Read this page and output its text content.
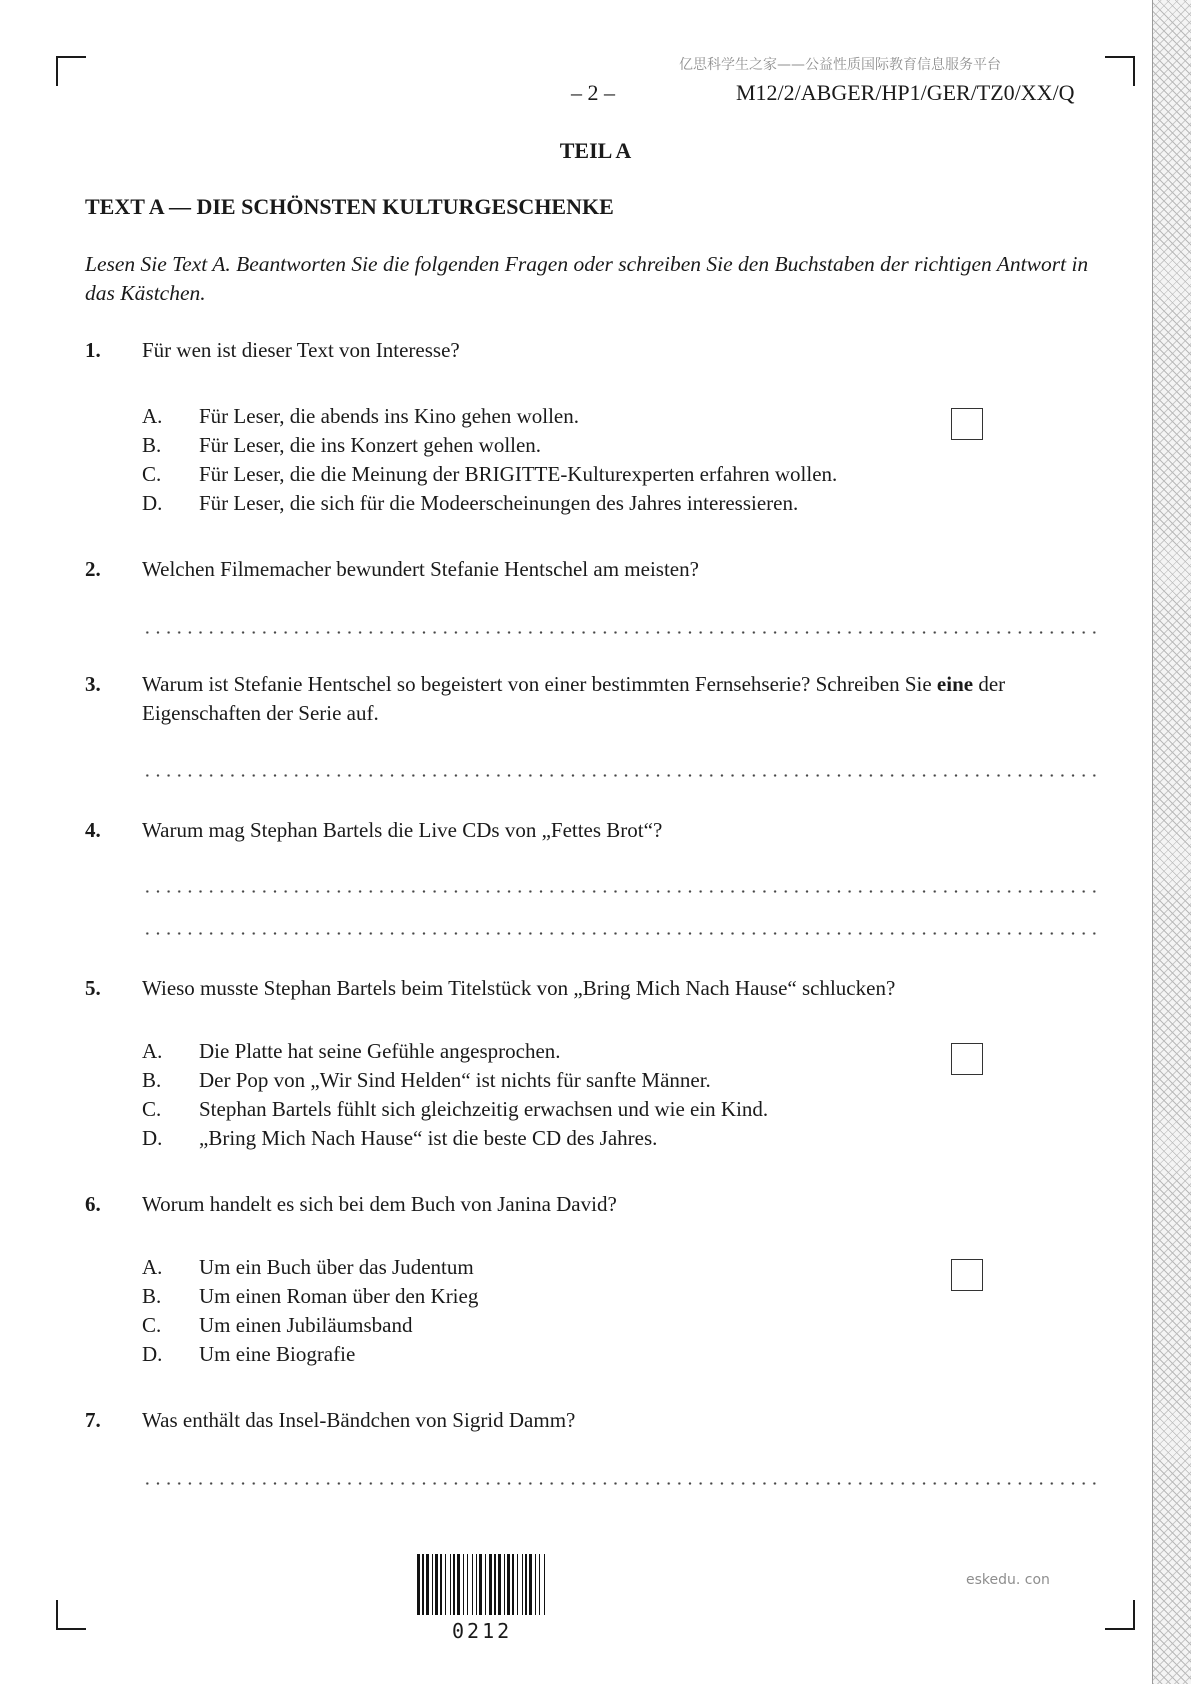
亿思科学生之家——公益性质国际教育信息服务平台
– 2 –	M12/2/ABGER/HP1/GER/TZ0/XX/Q
TEIL A
TEXT A — DIE SCHÖNSTEN KULTURGESCHENKE
Lesen Sie Text A. Beantworten Sie die folgenden Fragen oder schreiben Sie den Buchstaben der richtigen Antwort in das Kästchen.
1. Für wen ist dieser Text von Interesse?
A. Für Leser, die abends ins Kino gehen wollen.
B. Für Leser, die ins Konzert gehen wollen.
C. Für Leser, die die Meinung der BRIGITTE-Kulturexperten erfahren wollen.
D. Für Leser, die sich für die Modeerscheinungen des Jahres interessieren.
2. Welchen Filmemacher bewundert Stefanie Hentschel am meisten?
3. Warum ist Stefanie Hentschel so begeistert von einer bestimmten Fernsehserie? Schreiben Sie eine der Eigenschaften der Serie auf.
4. Warum mag Stephan Bartels die Live CDs von „Fettes Brot“?
5. Wieso musste Stephan Bartels beim Titelstück von „Bring Mich Nach Hause“ schlucken?
A. Die Platte hat seine Gefühle angesprochen.
B. Der Pop von „Wir Sind Helden“ ist nichts für sanfte Männer.
C. Stephan Bartels fühlt sich gleichzeitig erwachsen und wie ein Kind.
D. „Bring Mich Nach Hause“ ist die beste CD des Jahres.
6. Worum handelt es sich bei dem Buch von Janina David?
A. Um ein Buch über das Judentum
B. Um einen Roman über den Krieg
C. Um einen Jubiläumsband
D. Um eine Biografie
7. Was enthält das Insel-Bändchen von Sigrid Damm?
0212
eskedu. con
